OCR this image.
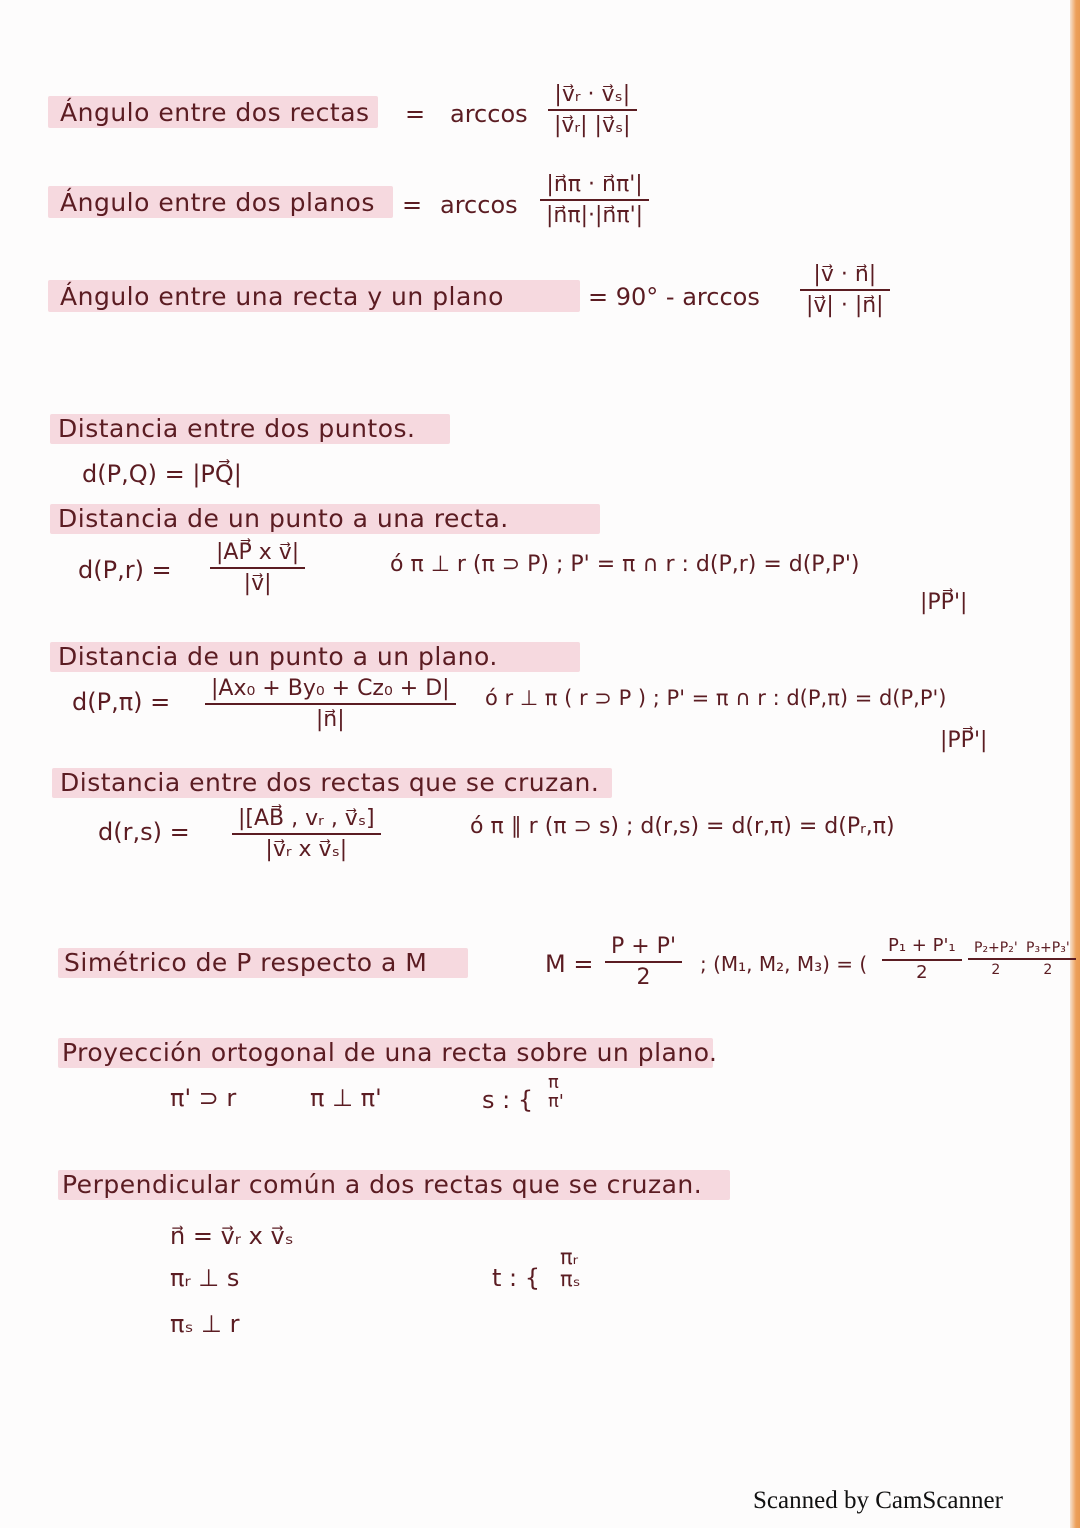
Ángulo entre dos rectas = arccos
|v⃗ᵣ · v⃗ₛ|
|v⃗ᵣ| |v⃗ₛ|
Ángulo entre dos planos = arccos
|n⃗π · n⃗π'|
|n⃗π|·|n⃗π'|
Ángulo entre una recta y un plano	= 90° - arccos
|v⃗ · n⃗|
|v⃗| · |n⃗|
Distancia entre dos puntos.
d(P,Q) = |PQ⃗|
Distancia de un punto a una recta.
d(P,r) =
|AP⃗ x v⃗|
|v⃗|
ó π ⊥ r (π ⊃ P) ; P' = π ∩ r : d(P,r) = d(P,P')
|PP⃗'|
Distancia de un punto a un plano.
d(P,π) = |Ax₀ + By₀ + Cz₀ + D|
|n⃗|
ó r ⊥ π ( r ⊃ P ) ; P' = π ∩ r : d(P,π) = d(P,P')
|PP⃗'|
Distancia entre dos rectas que se cruzan.
d(r,s) = |[AB⃗ , vᵣ , v⃗ₛ]
|v⃗ᵣ x v⃗ₛ|
ó π ∥ r (π ⊃ s) ; d(r,s) = d(r,π) = d(Pᵣ,π)
Simétrico de P respecto a M	M =
P + P'
2
; (M₁, M₂, M₃) = (
P₁ + P'₁
2
P₂+P₂'
2
P₃+P₃'
2
Proyección ortogonal de una recta sobre un plano.
π' ⊃ r	π ⊥ π'	s : {
π
π'
Perpendicular común a dos rectas que se cruzan.
n⃗ = v⃗ᵣ x v⃗ₛ
πᵣ ⊥ s
πₛ ⊥ r
t : {
πᵣ
πₛ
Scanned by CamScanner
